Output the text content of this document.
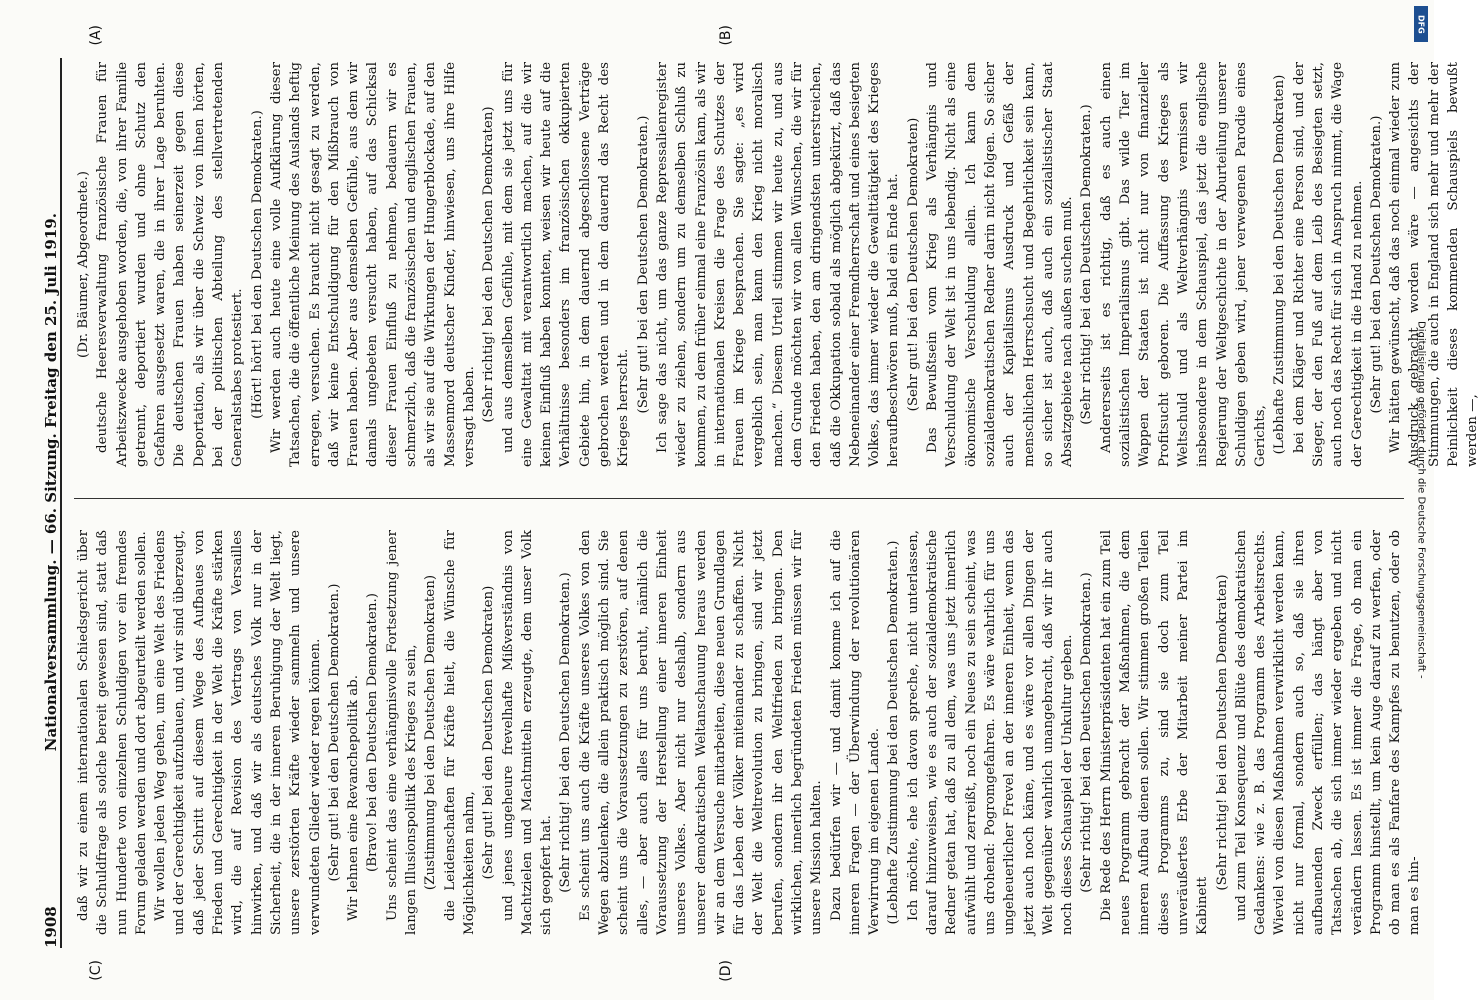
1908
Nationalversammlung. — 66. Sitzung. Freitag den 25. Juli 1919. (Dr. Bäumer, Abgeordnete.) deutsche Heeresverwaltung französische Frauen für Arbeitszwecke ausgehoben worden, die, von ihrer Familie getrennt, deportiert wurden und ohne Schutz den Gefahren ausgesetzt waren, die in ihrer Lage beruhten. Die deutschen Frauen haben seinerzeit gegen diese Deportation, als wir über die Schweiz von ihnen hörten, bei der politischen Abteilung des stellvertretenden Generalstabes protestiert. (Hört! hört! bei den Deutschen Demokraten.) Wir werden auch heute eine volle Aufklärung dieser Tatsachen, die die öffentliche Meinung des Auslands heftig erregen, versuchen. Es braucht nicht gesagt zu werden, daß wir keine Entschuldigung für den Mißbrauch von Frauen haben. Aber aus demselben Gefühle, aus dem wir damals ungebeten versucht haben, auf das Schicksal dieser Frauen Einfluß zu nehmen, bedauern wir es schmerzlich, daß die französischen und englischen Frauen, als wir sie auf die Wirkungen der Hungerblockade, auf den Massenmord deutscher Kinder, hinwiesen, uns ihre Hilfe versagt haben. (Sehr richtig! bei den Deutschen Demokraten) und aus demselben Gefühle, mit dem sie jetzt uns für eine Gewalttat mit verantwortlich machen, auf die wir keinen Einfluß haben konnten, weisen wir heute auf die Verhältnisse besonders im französischen okkupierten Gebiete hin, in dem dauernd abgeschlossene Verträge gebrochen werden und in dem dauernd das Recht des Krieges herrscht. (Sehr gut! bei den Deutschen Demokraten.) Ich sage das nicht, um das ganze Repressalienregister wieder zu ziehen, sondern um zu demselben Schluß zu kommen, zu dem früher einmal eine Französin kam, als wir in internationalen Kreisen die Frage des Schutzes der Frauen im Kriege besprachen. Sie sagte: „es wird vergeblich sein, man kann den Krieg nicht moralisch machen.“ Diesem Urteil stimmen wir heute zu, und aus dem Grunde möchten wir von allen Wünschen, die wir für den Frieden haben, den am dringendsten unterstreichen, daß die Okkupation sobald als möglich abgekürzt, daß das Nebeneinander einer Fremdherrschaft und eines besiegten Volkes, das immer wieder die Gewalttätigkeit des Krieges heraufbeschwören muß, bald ein Ende hat. (Sehr gut! bei den Deutschen Demokraten) Das Bewußtsein vom Krieg als Verhängnis und Verschuldung der Welt ist in uns lebendig. Nicht als eine ökonomische Verschuldung allein. Ich kann dem sozialdemokratischen Redner darin nicht folgen. So sicher auch der Kapitalismus Ausdruck und Gefäß der menschlichen Herrschsucht und Begehrlichkeit sein kann, so sicher ist auch, daß auch ein sozialistischer Staat Absatzgebiete nach außen suchen muß. (Sehr richtig! bei den Deutschen Demokraten.) Andererseits ist es richtig, daß es auch einen sozialistischen Imperialismus gibt. Das wilde Tier im Wappen der Staaten ist nicht nur von finanzieller Profitsucht geboren. Die Auffassung des Krieges als Weltschuld und als Weltverhängnis vermissen wir insbesondere in dem Schauspiel, das jetzt die englische Regierung der Weltgeschichte in der Aburteilung unserer Schuldigen geben wird, jener verwegenen Parodie eines Gerichts, (Lebhafte Zustimmung bei den Deutschen Demokraten) bei dem Kläger und Richter eine Person sind, und der Sieger, der den Fuß auf dem Leib des Besiegten setzt, auch noch das Recht für sich in Anspruch nimmt, die Wage der Gerechtigkeit in die Hand zu nehmen. (Sehr gut! bei den Deutschen Demokraten.) Wir hätten gewünscht, daß das noch einmal wieder zum Ausdruck gebracht worden wäre — angesichts der Stimmungen, die auch in England sich mehr und mehr der Peinlichkeit dieses kommenden Schauspiels bewußt werden —,

daß wir zu einem internationalen Schiedsgericht über die Schuldfrage als solche bereit gewesen sind, statt daß nun Hunderte von einzelnen Schuldigen vor ein fremdes Forum geladen werden und dort abgeurteilt werden sollen. Wir wollen jeden Weg gehen, um eine Welt des Friedens und der Gerechtigkeit aufzubauen, und wir sind überzeugt, daß jeder Schritt auf diesem Wege des Aufbaues von Frieden und Gerechtigkeit in der Welt die Kräfte stärken wird, die auf Revision des Vertrags von Versailles hinwirken, und daß wir als deutsches Volk nur in der Sicherheit, die in der inneren Beruhigung der Welt liegt, unsere zerstörten Kräfte wieder sammeln und unsere verwundeten Glieder wieder regen können. (Sehr gut! bei den Deutschen Demokraten.) Wir lehnen eine Revanchepolitik ab. (Bravo! bei den Deutschen Demokraten.) Uns scheint das eine verhängnisvolle Fortsetzung jener langen Illusionspolitik des Krieges zu sein, (Zustimmung bei den Deutschen Demokraten) die Leidenschaften für Kräfte hielt, die Wünsche für Möglichkeiten nahm, (Sehr gut! bei den Deutschen Demokraten) und jenes ungeheure frevelhafte Mißverständnis von Machtzielen und Machtmitteln erzeugte, dem unser Volk sich geopfert hat. (Sehr richtig! bei den Deutschen Demokraten.) Es scheint uns auch die Kräfte unseres Volkes von den Wegen abzulenken, die allein praktisch möglich sind. Sie scheint uns die Voraussetzungen zu zerstören, auf denen alles, — aber auch alles für uns beruht, nämlich die Voraussetzung der Herstellung einer inneren Einheit unseres Volkes. Aber nicht nur deshalb, sondern aus unserer demokratischen Weltanschauung heraus werden wir an dem Versuche mitarbeiten, diese neuen Grundlagen für das Leben der Völker miteinander zu schaffen. Nicht der Welt die Weltrevolution zu bringen, sind wir jetzt berufen, sondern ihr den Weltfrieden zu bringen. Den wirklichen, innerlich begründeten Frieden müssen wir für unsere Mission halten. Dazu bedürfen wir — und damit komme ich auf die inneren Fragen — der Überwindung der revolutionären Verwirrung im eigenen Lande. (Lebhafte Zustimmung bei den Deutschen Demokraten.) Ich möchte, ehe ich davon spreche, nicht unterlassen, darauf hinzuweisen, wie es auch der sozialdemokratische Redner getan hat, daß zu all dem, was uns jetzt innerlich aufwühlt und zerreißt, noch ein Neues zu sein scheint, was uns drohend: Pogromgefahren. Es wäre wahrlich für uns ungeheuerlicher Frevel an der inneren Einheit, wenn das jetzt auch noch käme, und es wäre vor allen Dingen der Welt gegenüber wahrlich unangebracht, daß wir ihr auch noch dieses Schauspiel der Unkultur geben. (Sehr richtig! bei den Deutschen Demokraten.) Die Rede des Herrn Ministerpräsidenten hat ein zum Teil neues Programm gebracht der Maßnahmen, die dem inneren Aufbau dienen sollen. Wir stimmen großen Teilen dieses Programms zu, sind sie doch zum Teil unveräußertes Erbe der Mitarbeit meiner Partei im Kabinett

(Sehr richtig! bei den Deutschen Demokraten) und zum Teil Konsequenz und Blüte des demokratischen Gedankens: wie z. B. das Programm des Arbeitsrechts. Wieviel von diesen Maßnahmen verwirklicht werden kann, nicht nur formal, sondern auch so, daß sie ihren aufbauenden Zweck erfüllen; das hängt aber von Tatsachen ab, die sich immer wieder ergeben und nicht verändern lassen. Es ist immer die Frage, ob man ein Programm hinstellt, um kein Auge darauf zu werfen, oder ob man es als Fanfare des Kampfes zu benutzen, oder ob man es hin-

(A)	(B)
(C)	(D)
DFG
Digitalisierung gefördert durch die Deutsche Forschungsgemeinschaft -
